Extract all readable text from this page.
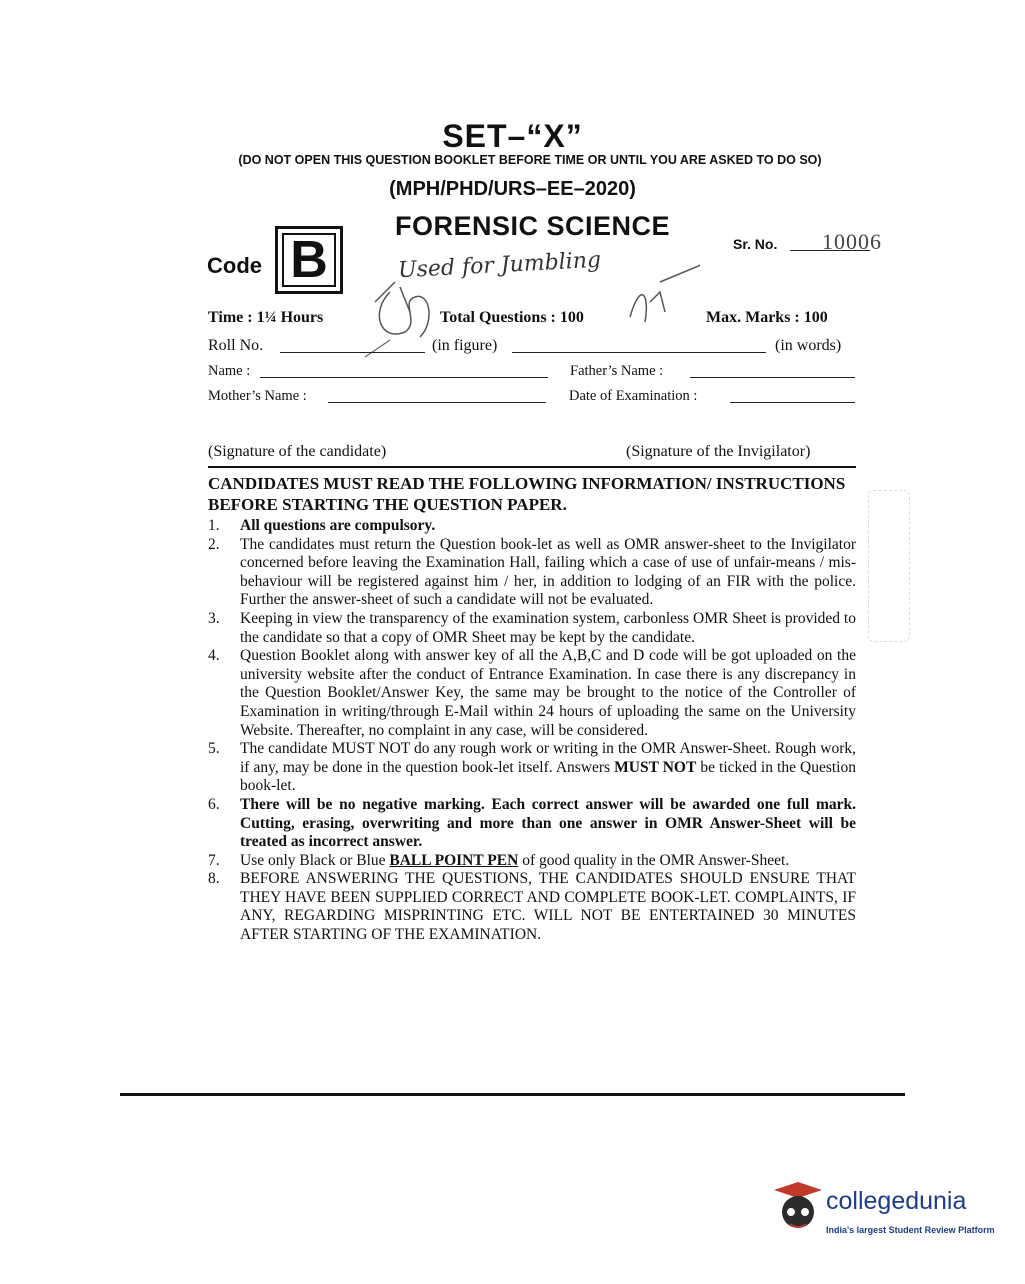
SET–“X”
(DO NOT OPEN THIS QUESTION BOOKLET BEFORE TIME OR UNTIL YOU ARE ASKED TO DO SO)
(MPH/PHD/URS–EE–2020)
FORENSIC SCIENCE
Sr. No. 10006
Code B	Used for Jumbling
Time : 1¼ Hours	Total Questions : 100	Max. Marks : 100
Roll No.	(in figure)	(in words)
Name :	Father’s Name :
Mother’s Name :	Date of Examination :
(Signature of the candidate)	(Signature of the Invigilator)
CANDIDATES MUST READ THE FOLLOWING INFORMATION/ INSTRUCTIONS BEFORE STARTING THE QUESTION PAPER.
1.	All questions are compulsory.
2.	The candidates must return the Question book-let as well as OMR answer-sheet to the Invigilator concerned before leaving the Examination Hall, failing which a case of use of unfair-means / mis-behaviour will be registered against him / her, in addition to lodging of an FIR with the police. Further the answer-sheet of such a candidate will not be evaluated.
3.	Keeping in view the transparency of the examination system, carbonless OMR Sheet is provided to the candidate so that a copy of OMR Sheet may be kept by the candidate.
4.	Question Booklet along with answer key of all the A,B,C and D code will be got uploaded on the university website after the conduct of Entrance Examination. In case there is any discrepancy in the Question Booklet/Answer Key, the same may be brought to the notice of the Controller of Examination in writing/through E-Mail within 24 hours of uploading the same on the University Website. Thereafter, no complaint in any case, will be considered.
5.	The candidate MUST NOT do any rough work or writing in the OMR Answer-Sheet. Rough work, if any, may be done in the question book-let itself. Answers MUST NOT be ticked in the Question book-let.
6.	There will be no negative marking. Each correct answer will be awarded one full mark. Cutting, erasing, overwriting and more than one answer in OMR Answer-Sheet will be treated as incorrect answer.
7.	Use only Black or Blue BALL POINT PEN of good quality in the OMR Answer-Sheet.
8.	BEFORE ANSWERING THE QUESTIONS, THE CANDIDATES SHOULD ENSURE THAT THEY HAVE BEEN SUPPLIED CORRECT AND COMPLETE BOOK-LET. COMPLAINTS, IF ANY, REGARDING MISPRINTING ETC. WILL NOT BE ENTERTAINED 30 MINUTES AFTER STARTING OF THE EXAMINATION.
collegedunia
India's largest Student Review Platform
